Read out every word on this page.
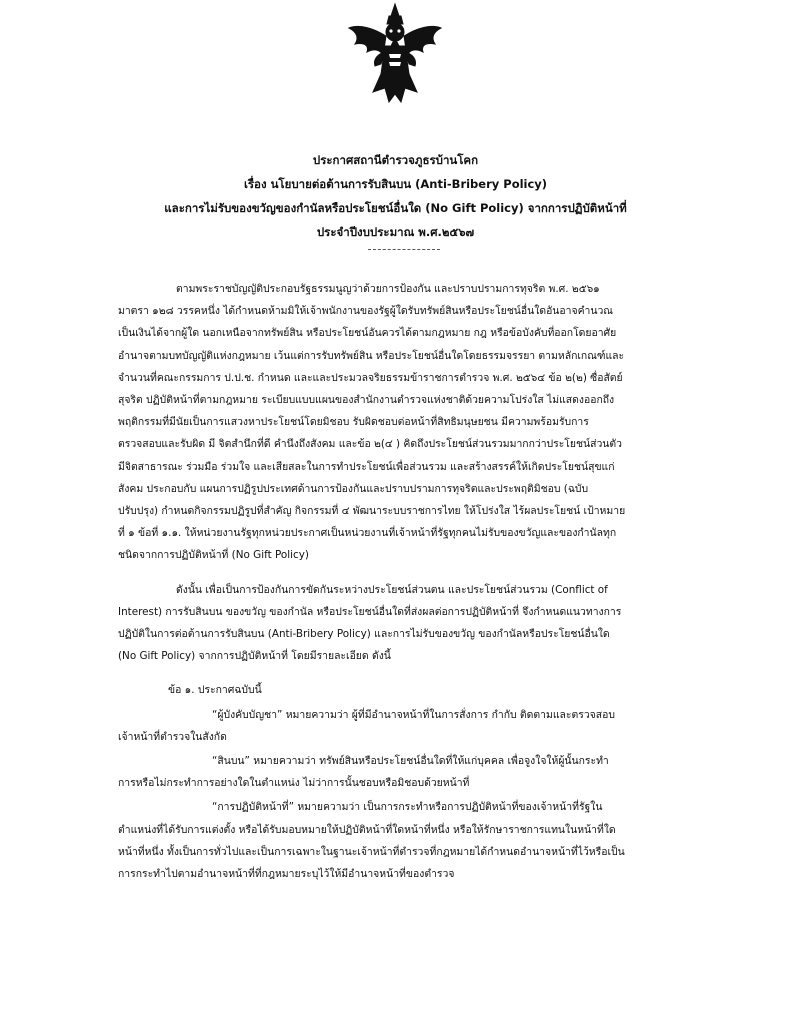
ประกาศสถานีตำรวจภูธรบ้านโคก
เรื่อง นโยบายต่อต้านการรับสินบน (Anti-Bribery Policy)
และการไม่รับของขวัญของกำนัลหรือประโยชน์อื่นใด (No Gift Policy) จากการปฏิบัติหน้าที่
ประจำปีงบประมาณ พ.ศ.๒๕๖๗

ตามพระราชบัญญัติประกอบรัฐธรรมนูญว่าด้วยการป้องกัน และปราบปรามการทุจริต พ.ศ. ๒๕๖๑
มาตรา ๑๒๘ วรรคหนึ่ง ได้กำหนดห้ามมิให้เจ้าพนักงานของรัฐผู้ใดรับทรัพย์สินหรือประโยชน์อื่นใดอันอาจคำนวณ
เป็นเงินได้จากผู้ใด นอกเหนือจากทรัพย์สิน หรือประโยชน์อันควรได้ตามกฎหมาย กฎ หรือข้อบังคับที่ออกโดยอาศัย
อำนาจตามบทบัญญัติแห่งกฎหมาย เว้นแต่การรับทรัพย์สิน หรือประโยชน์อื่นใดโดยธรรมจรรยา ตามหลักเกณฑ์และ
จำนวนที่คณะกรรมการ ป.ป.ช. กำหนด และและประมวลจริยธรรมข้าราชการตำรวจ พ.ศ. ๒๕๖๔ ข้อ ๒(๒) ซื่อสัตย์
สุจริต ปฏิบัติหน้าที่ตามกฎหมาย ระเบียบแบบแผนของสำนักงานตำรวจแห่งชาติด้วยความโปร่งใส ไม่แสดงออกถึง
พฤติกรรมที่มีนัยเป็นการแสวงหาประโยชน์โดยมิชอบ รับผิดชอบต่อหน้าที่สิทธิมนุษยชน มีความพร้อมรับการ
ตรวจสอบและรับผิด มี จิตสำนึกที่ดี คำนึงถึงสังคม และข้อ ๒(๔ ) คิดถึงประโยชน์ส่วนรวมมากกว่าประโยชน์ส่วนตัว
มีจิตสาธารณะ ร่วมมือ ร่วมใจ และเสียสละในการทำประโยชน์เพื่อส่วนรวม และสร้างสรรค์ให้เกิดประโยชน์สุขแก่
สังคม ประกอบกับ แผนการปฏิรูปประเทศด้านการป้องกันและปราบปรามการทุจริตและประพฤติมิชอบ (ฉบับ
ปรับปรุง) กำหนดกิจกรรมปฏิรูปที่สำคัญ กิจกรรมที่ ๔ พัฒนาระบบราชการไทย ให้โปร่งใส ไร้ผลประโยชน์ เป้าหมาย
ที่ ๑ ข้อที่ ๑.๑. ให้หน่วยงานรัฐทุกหน่วยประกาศเป็นหน่วยงานที่เจ้าหน้าที่รัฐทุกคนไม่รับของขวัญและของกำนัลทุก
ชนิดจากการปฏิบัติหน้าที่ (No Gift Policy)

ดังนั้น เพื่อเป็นการป้องกันการขัดกันระหว่างประโยชน์ส่วนตน และประโยชน์ส่วนรวม (Conflict of
Interest) การรับสินบน ของขวัญ ของกำนัล หรือประโยชน์อื่นใดที่ส่งผลต่อการปฏิบัติหน้าที่ จึงกำหนดแนวทางการ
ปฏิบัติในการต่อต้านการรับสินบน (Anti-Bribery Policy) และการไม่รับของขวัญ ของกำนัลหรือประโยชน์อื่นใด
(No Gift Policy) จากการปฏิบัติหน้าที่ โดยมีรายละเอียด ดังนี้

ข้อ ๑. ประกาศฉบับนี้

“ผู้บังคับบัญชา” หมายความว่า ผู้ที่มีอำนาจหน้าที่ในการสั่งการ กำกับ ติดตามและตรวจสอบ
เจ้าหน้าที่ตำรวจในสังกัด

“สินบน” หมายความว่า ทรัพย์สินหรือประโยชน์อื่นใดที่ให้แก่บุคคล เพื่อจูงใจให้ผู้นั้นกระทำ
การหรือไม่กระทำการอย่างใดในตำแหน่ง ไม่ว่าการนั้นชอบหรือมิชอบด้วยหน้าที่

“การปฏิบัติหน้าที่” หมายความว่า เป็นการกระทำหรือการปฏิบัติหน้าที่ของเจ้าหน้าที่รัฐใน
ตำแหน่งที่ได้รับการแต่งตั้ง หรือได้รับมอบหมายให้ปฏิบัติหน้าที่ใดหน้าที่หนึ่ง หรือให้รักษาราชการแทนในหน้าที่ใด
หน้าที่หนึ่ง ทั้งเป็นการทั่วไปและเป็นการเฉพาะในฐานะเจ้าหน้าที่ตำรวจที่กฎหมายได้กำหนดอำนาจหน้าที่ไว้หรือเป็น
การกระทำไปตามอำนาจหน้าที่ที่กฎหมายระบุไว้ให้มีอำนาจหน้าที่ของตำรวจ
